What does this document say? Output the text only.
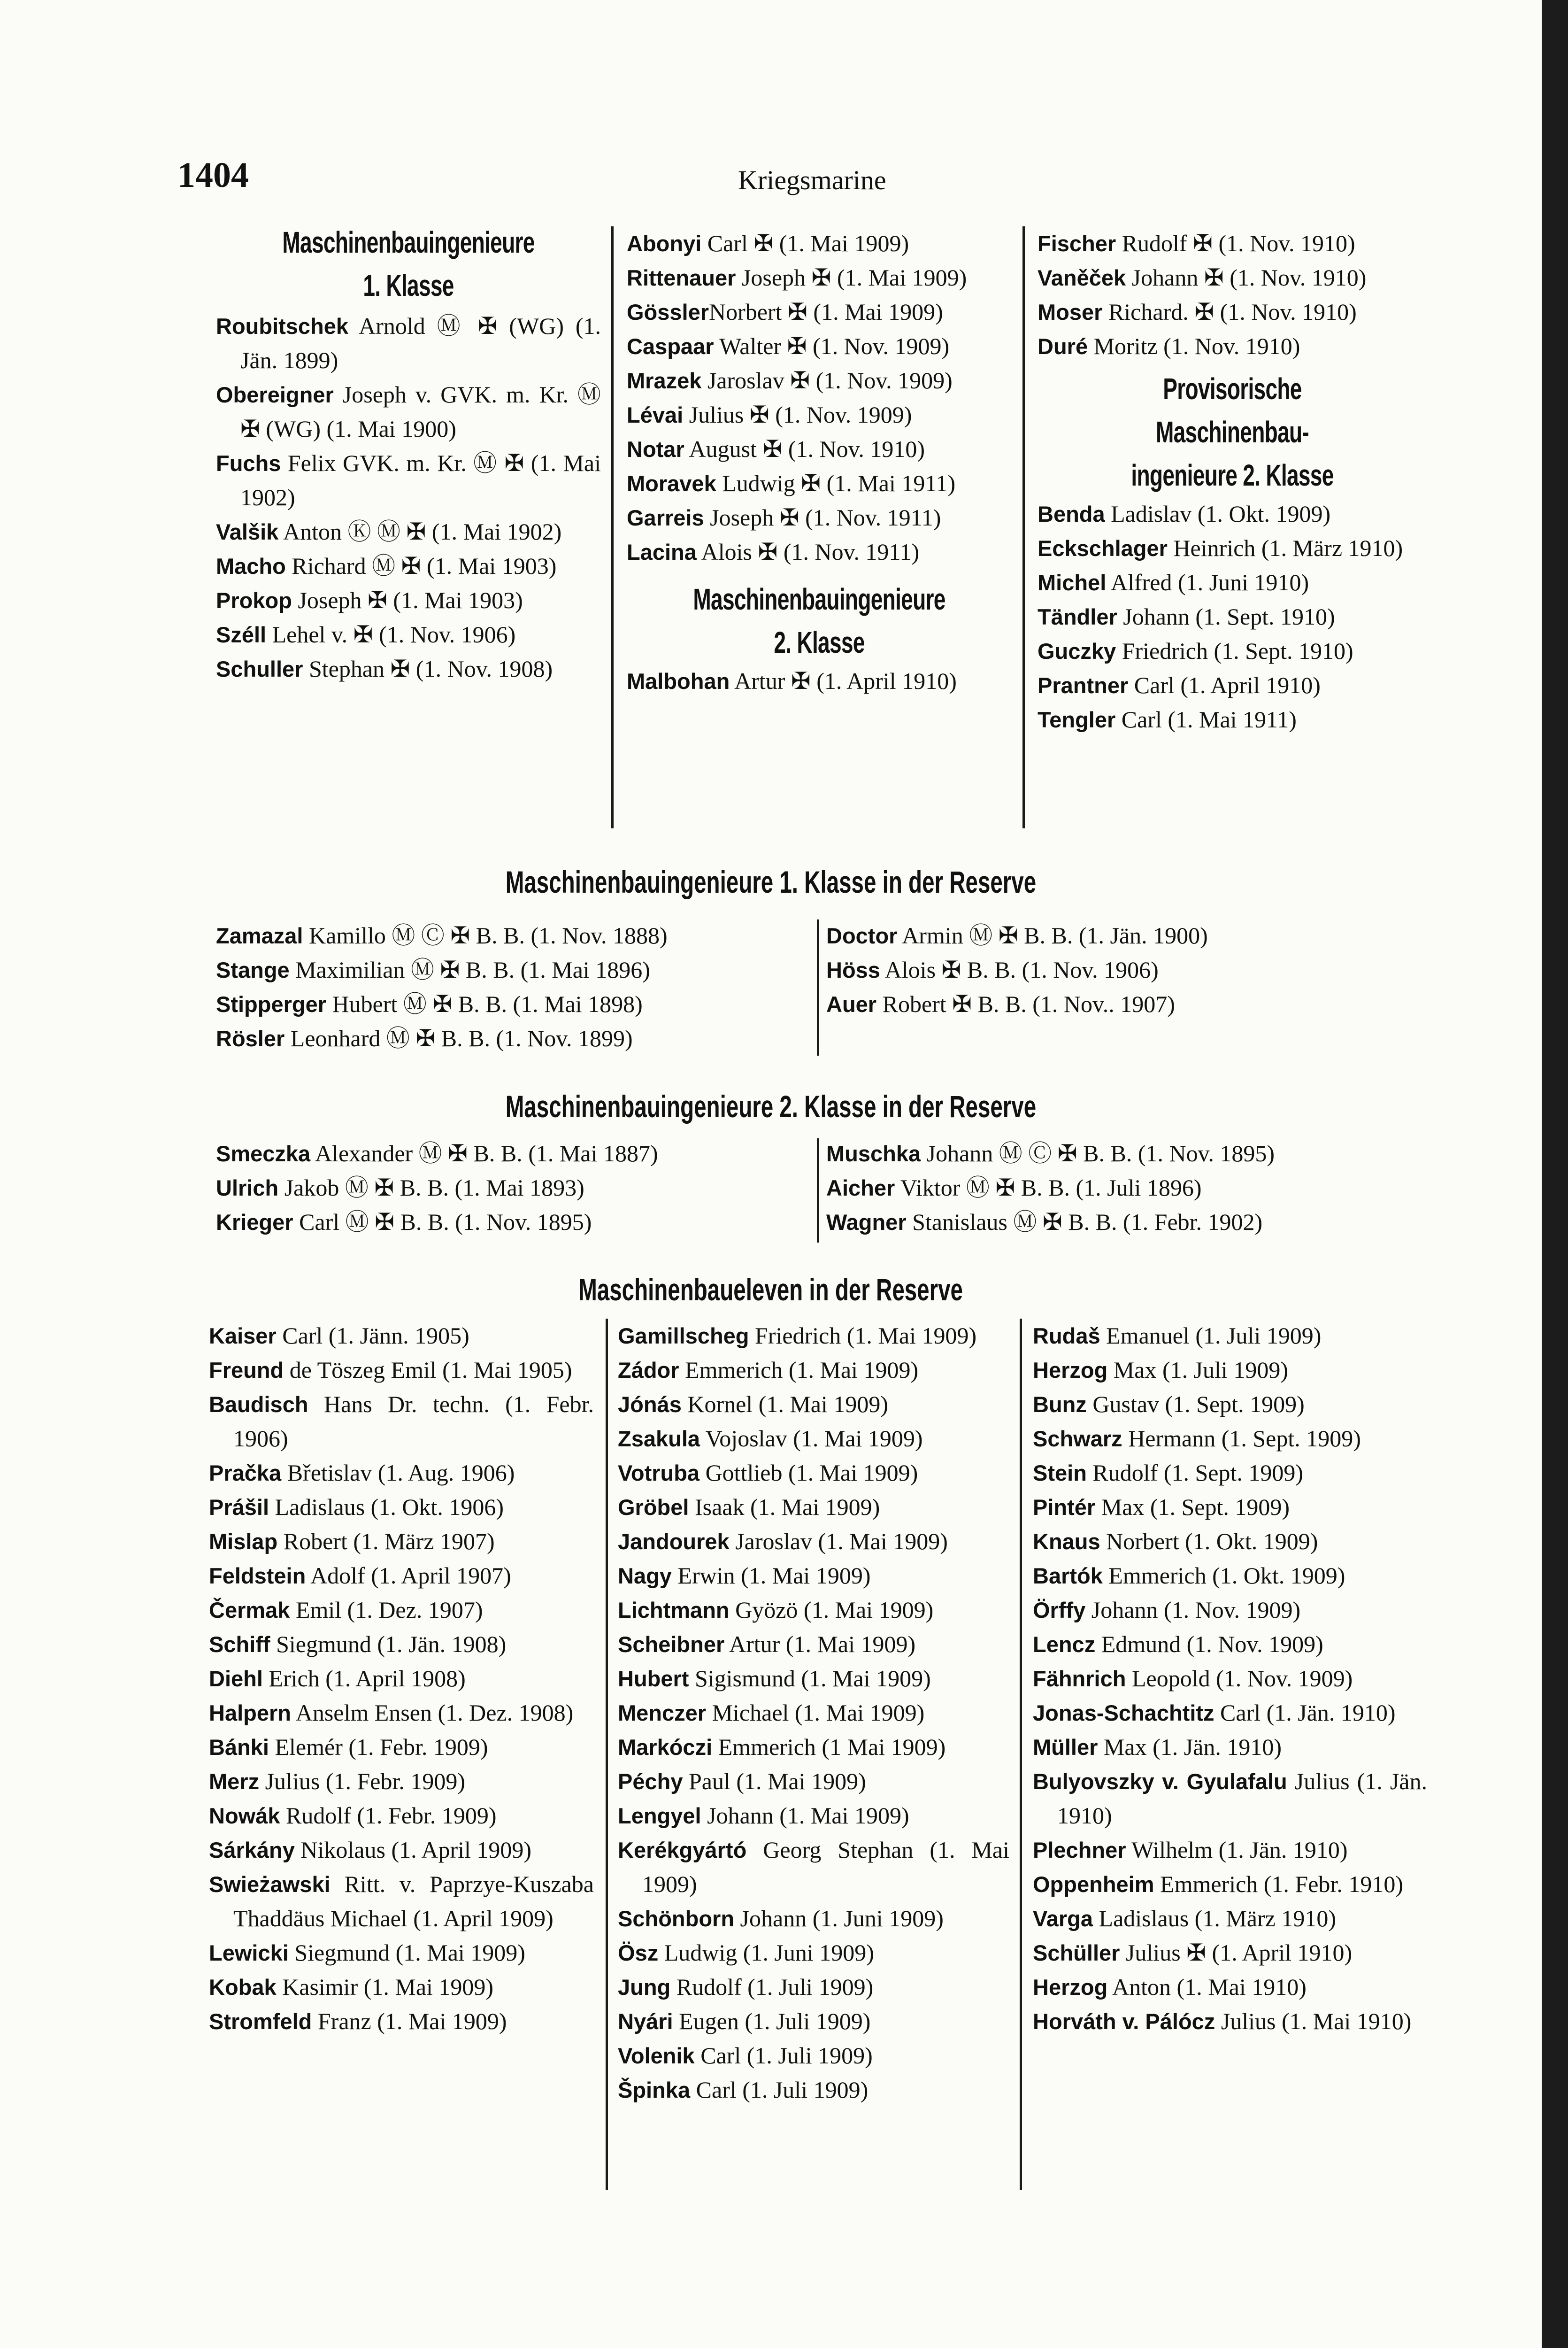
1404	Kriegsmarine
Maschinenbauingenieure
1. Klasse
Roubitschek Arnold Ⓜ ✠ (WG) (1. Jän. 1899)
Obereigner Joseph v. GVK. m. Kr. Ⓜ ✠ (WG) (1. Mai 1900)
Fuchs Felix GVK. m. Kr. Ⓜ ✠ (1. Mai 1902)
Valšik Anton Ⓚ Ⓜ ✠ (1. Mai 1902)
Macho Richard Ⓜ ✠ (1. Mai 1903)
Prokop Joseph ✠ (1. Mai 1903)
Széll Lehel v. ✠ (1. Nov. 1906)
Schuller Stephan ✠ (1. Nov. 1908)
Abonyi Carl ✠ (1. Mai 1909)
Rittenauer Joseph ✠ (1. Mai 1909)
GösslerNorbert ✠ (1. Mai 1909)
Caspaar Walter ✠ (1. Nov. 1909)
Mrazek Jaroslav ✠ (1. Nov. 1909)
Lévai Julius ✠ (1. Nov. 1909)
Notar August ✠ (1. Nov. 1910)
Moravek Ludwig ✠ (1. Mai 1911)
Garreis Joseph ✠ (1. Nov. 1911)
Lacina Alois ✠ (1. Nov. 1911)
Maschinenbauingenieure
2. Klasse
Malbohan Artur ✠ (1. April 1910)
Fischer Rudolf ✠ (1. Nov. 1910)
Vaněček Johann ✠ (1. Nov. 1910)
Moser Richard. ✠ (1. Nov. 1910)
Duré Moritz (1. Nov. 1910)
Provisorische Maschinenbau-
ingenieure 2. Klasse
Benda Ladislav (1. Okt. 1909)
Eckschlager Heinrich (1. März 1910)
Michel Alfred (1. Juni 1910)
Tändler Johann (1. Sept. 1910)
Guczky Friedrich (1. Sept. 1910)
Prantner Carl (1. April 1910)
Tengler Carl (1. Mai 1911)
Maschinenbauingenieure 1. Klasse in der Reserve
Zamazal Kamillo Ⓜ Ⓒ ✠ B. B. (1. Nov. 1888)
Stange Maximilian Ⓜ ✠ B. B. (1. Mai 1896)
Stipperger Hubert Ⓜ ✠ B. B. (1. Mai 1898)
Rösler Leonhard Ⓜ ✠ B. B. (1. Nov. 1899)
Doctor Armin Ⓜ ✠ B. B. (1. Jän. 1900)
Höss Alois ✠ B. B. (1. Nov. 1906)
Auer Robert ✠ B. B. (1. Nov.. 1907)
Maschinenbauingenieure 2. Klasse in der Reserve
Smeczka Alexander Ⓜ ✠ B. B. (1. Mai 1887)
Ulrich Jakob Ⓜ ✠ B. B. (1. Mai 1893)
Krieger Carl Ⓜ ✠ B. B. (1. Nov. 1895)
Muschka Johann Ⓜ Ⓒ ✠ B. B. (1. Nov. 1895)
Aicher Viktor Ⓜ ✠ B. B. (1. Juli 1896)
Wagner Stanislaus Ⓜ ✠ B. B. (1. Febr. 1902)
Maschinenbaueleven in der Reserve
Kaiser Carl (1. Jänn. 1905)
Freund de Töszeg Emil (1. Mai 1905)
Baudisch Hans Dr. techn. (1. Febr. 1906)
Pračka Břetislav (1. Aug. 1906)
Prášil Ladislaus (1. Okt. 1906)
Mislap Robert (1. März 1907)
Feldstein Adolf (1. April 1907)
Čermak Emil (1. Dez. 1907)
Schiff Siegmund (1. Jän. 1908)
Diehl Erich (1. April 1908)
Halpern Anselm Ensen (1. Dez. 1908)
Bánki Elemér (1. Febr. 1909)
Merz Julius (1. Febr. 1909)
Nowák Rudolf (1. Febr. 1909)
Sárkány Nikolaus (1. April 1909)
Swieżawski Ritt. v. Paprzye-Kuszaba Thaddäus Michael (1. April 1909)
Lewicki Siegmund (1. Mai 1909)
Kobak Kasimir (1. Mai 1909)
Stromfeld Franz (1. Mai 1909)
Gamillscheg Friedrich (1. Mai 1909)
Zádor Emmerich (1. Mai 1909)
Jónás Kornel (1. Mai 1909)
Zsakula Vojoslav (1. Mai 1909)
Votruba Gottlieb (1. Mai 1909)
Gröbel Isaak (1. Mai 1909)
Jandourek Jaroslav (1. Mai 1909)
Nagy Erwin (1. Mai 1909)
Lichtmann Gyözö (1. Mai 1909)
Scheibner Artur (1. Mai 1909)
Hubert Sigismund (1. Mai 1909)
Menczer Michael (1. Mai 1909)
Markóczi Emmerich (1 Mai 1909)
Péchy Paul (1. Mai 1909)
Lengyel Johann (1. Mai 1909)
Kerékgyártó Georg Stephan (1. Mai 1909)
Schönborn Johann (1. Juni 1909)
Ösz Ludwig (1. Juni 1909)
Jung Rudolf (1. Juli 1909)
Nyári Eugen (1. Juli 1909)
Volenik Carl (1. Juli 1909)
Špinka Carl (1. Juli 1909)
Rudaš Emanuel (1. Juli 1909)
Herzog Max (1. Juli 1909)
Bunz Gustav (1. Sept. 1909)
Schwarz Hermann (1. Sept. 1909)
Stein Rudolf (1. Sept. 1909)
Pintér Max (1. Sept. 1909)
Knaus Norbert (1. Okt. 1909)
Bartók Emmerich (1. Okt. 1909)
Örffy Johann (1. Nov. 1909)
Lencz Edmund (1. Nov. 1909)
Fähnrich Leopold (1. Nov. 1909)
Jonas-Schachtitz Carl (1. Jän. 1910)
Müller Max (1. Jän. 1910)
Bulyovszky v. Gyulafalu Julius (1. Jän. 1910)
Plechner Wilhelm (1. Jän. 1910)
Oppenheim Emmerich (1. Febr. 1910)
Varga Ladislaus (1. März 1910)
Schüller Julius ✠ (1. April 1910)
Herzog Anton (1. Mai 1910)
Horváth v. Pálócz Julius (1. Mai 1910)
